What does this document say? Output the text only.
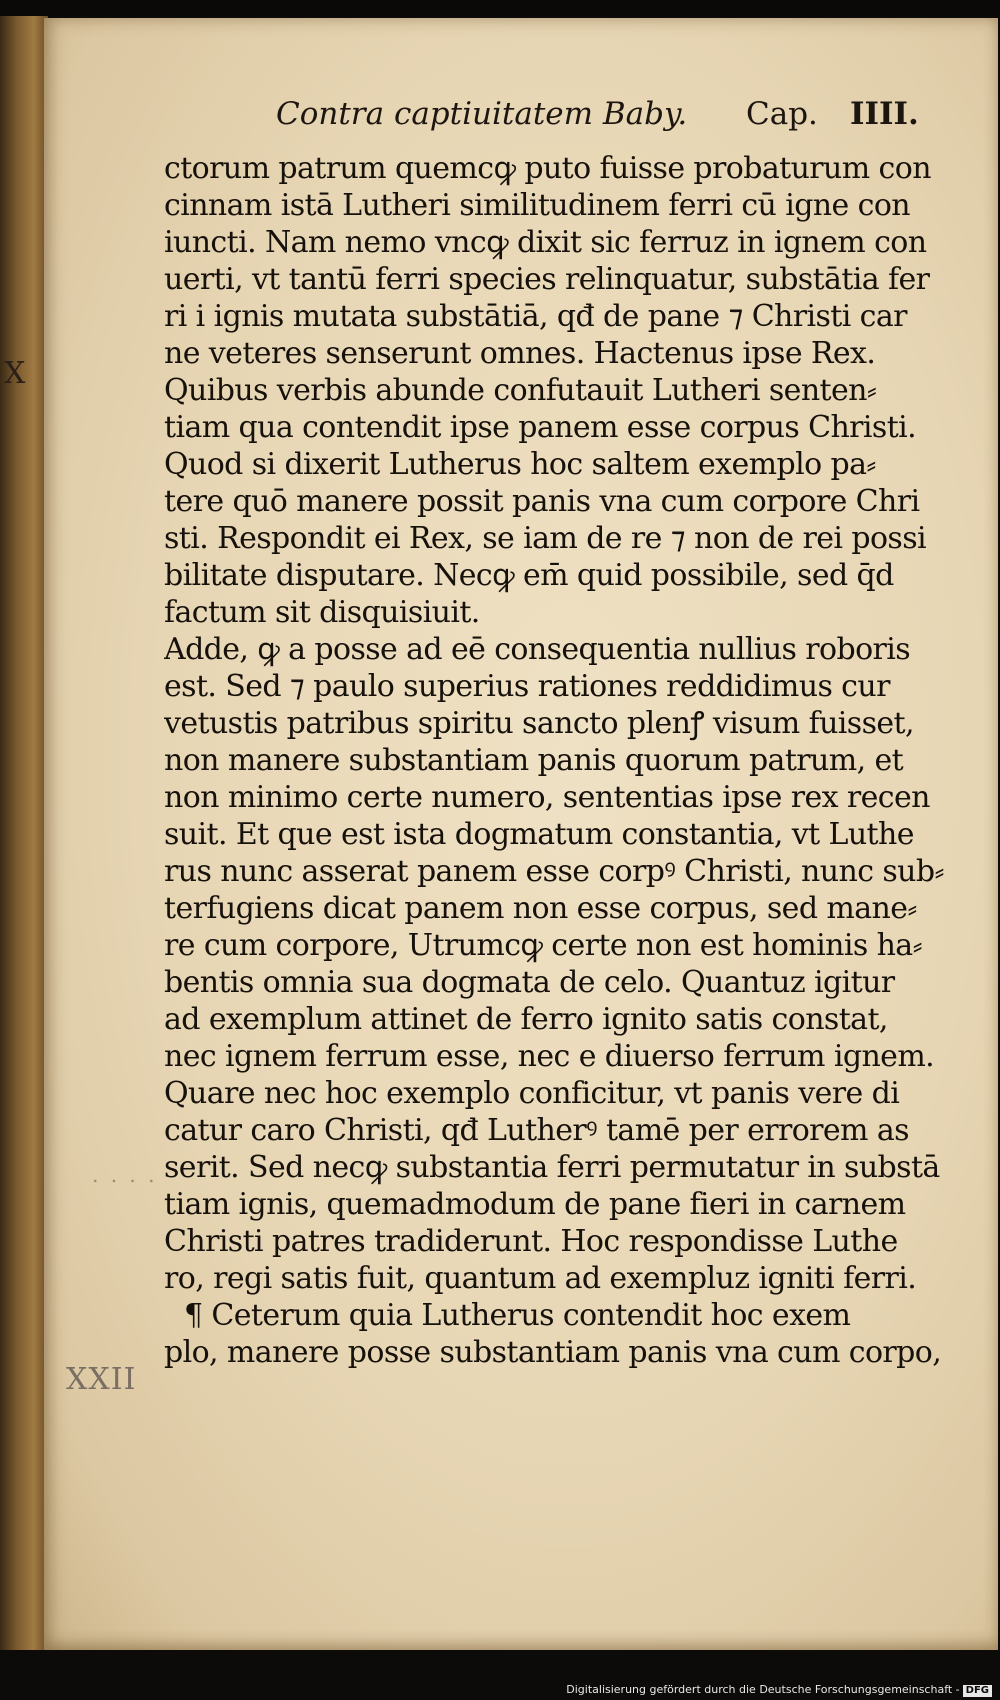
X
. . . .
XXII
Contra captiuitatem Baby. Cap. IIII.
ctorum patrum quemcꝙ puto fuisse probaturum con
cinnam istā Lutheri similitudinem ferri cū igne con
iuncti. Nam nemo vncꝙ dixit sic ferruz in ignem con
uerti, vt tantū ferri species relinquatur, substātia fer
ri i ignis mutata substātiā, qđ de pane ⁊ Christi car
ne veteres senserunt omnes. Hactenus ipse Rex.
Quibus verbis abunde confutauit Lutheri senten⸗
tiam qua contendit ipse panem esse corpus Christi.
Quod si dixerit Lutherus hoc saltem exemplo pa⸗
tere quō manere possit panis vna cum corpore Chri
sti. Respondit ei Rex, se iam de re ⁊ non de rei possi
bilitate disputare. Necꝙ em̄ quid possibile, sed q̄d
factum sit disquisiuit.
Adde, ꝙ a posse ad eē consequentia nullius roboris
est. Sed ⁊ paulo superius rationes reddidimus cur
vetustis patribus spiritu sancto plenꝭ visum fuisset,
non manere substantiam panis quorum patrum, et
non minimo certe numero, sententias ipse rex recen
suit. Et que est ista dogmatum constantia, vt Luthe
rus nunc asserat panem esse corpꝰ Christi, nunc sub⸗
terfugiens dicat panem non esse corpus, sed mane⸗
re cum corpore, Utrumcꝙ certe non est hominis ha⸗
bentis omnia sua dogmata de celo. Quantuz igitur
ad exemplum attinet de ferro ignito satis constat,
nec ignem ferrum esse, nec e diuerso ferrum ignem.
Quare nec hoc exemplo conficitur, vt panis vere di
catur caro Christi, qđ Lutherꝰ tamē per errorem as
serit. Sed necꝙ substantia ferri permutatur in substā
tiam ignis, quemadmodum de pane fieri in carnem
Christi patres tradiderunt. Hoc respondisse Luthe
ro, regi satis fuit, quantum ad exempluz igniti ferri.
¶ Ceterum quia Lutherus contendit hoc exem
plo, manere posse substantiam panis vna cum corpo,
Digitalisierung gefördert durch die Deutsche Forschungsgemeinschaft - DFG
